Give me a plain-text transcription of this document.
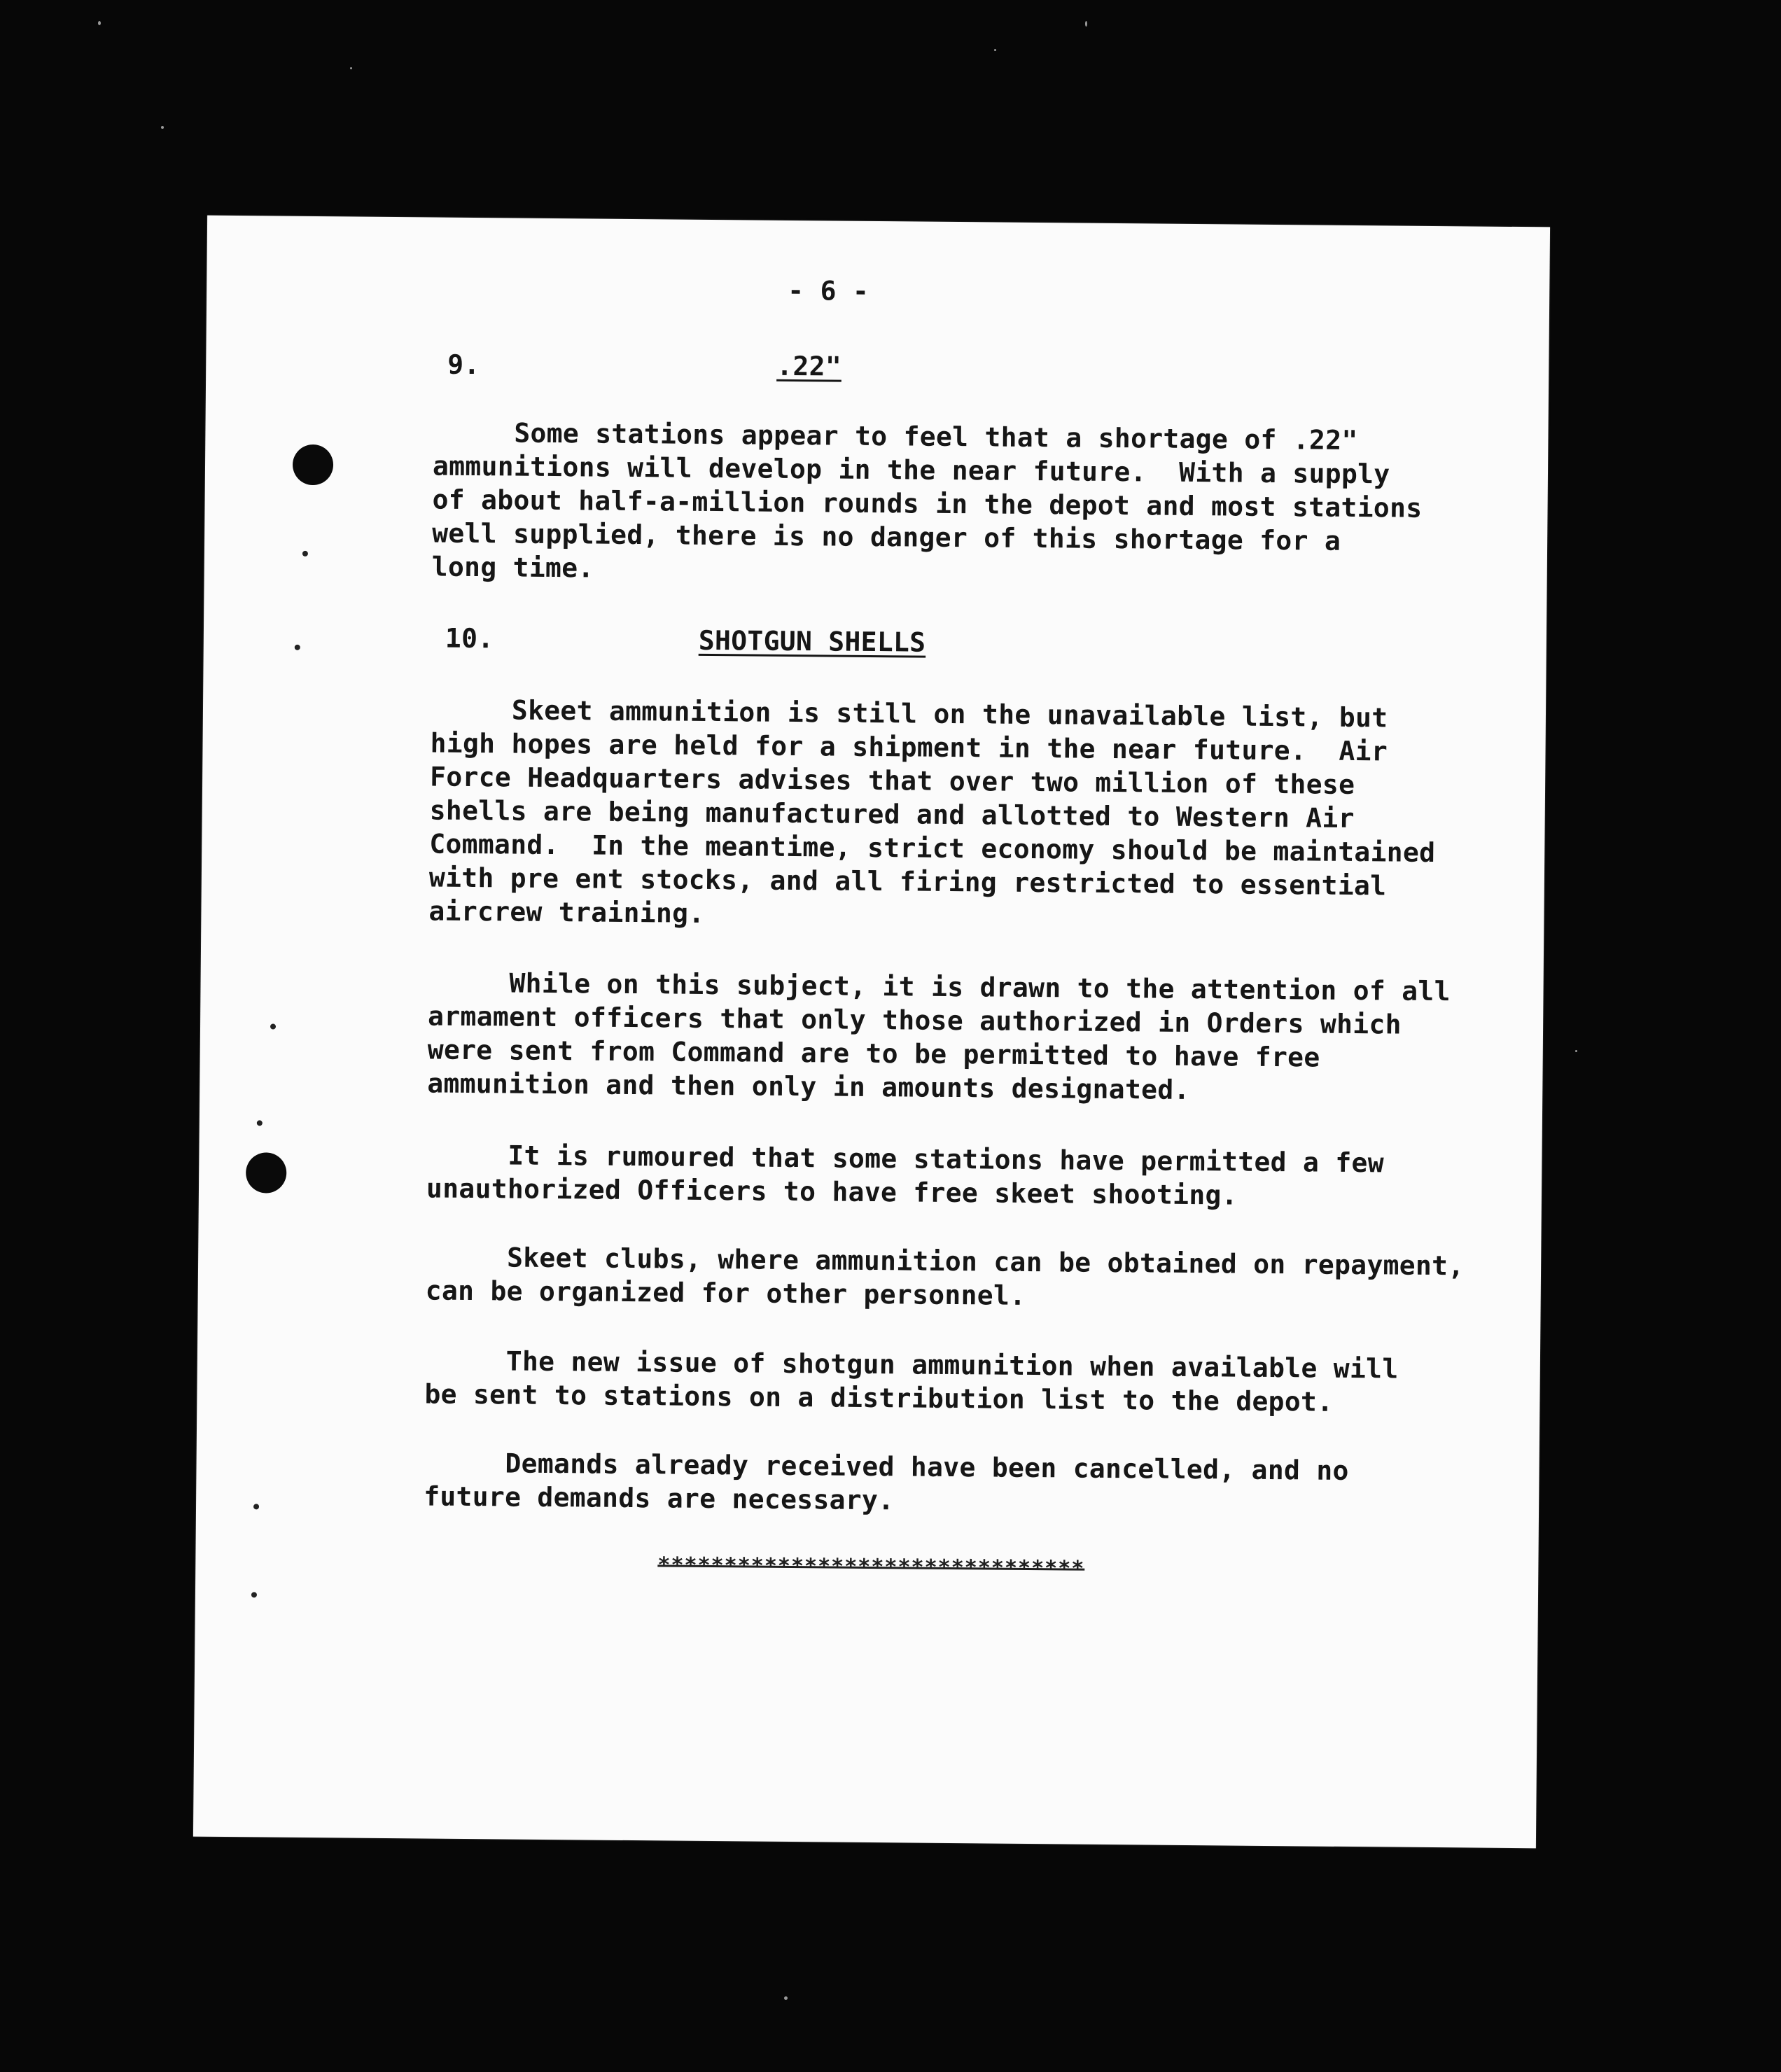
- 6 -
9.	.22"
Some stations appear to feel that a shortage of .22"
ammunitions will develop in the near future.  With a supply
of about half-a-million rounds in the depot and most stations
well supplied, there is no danger of this shortage for a
long time.
10.	SHOTGUN SHELLS
Skeet ammunition is still on the unavailable list, but
high hopes are held for a shipment in the near future.  Air
Force Headquarters advises that over two million of these
shells are being manufactured and allotted to Western Air
Command.  In the meantime, strict economy should be maintained
with pre ent stocks, and all firing restricted to essential
aircrew training.
While on this subject, it is drawn to the attention of all
armament officers that only those authorized in Orders which
were sent from Command are to be permitted to have free
ammunition and then only in amounts designated.
It is rumoured that some stations have permitted a few
unauthorized Officers to have free skeet shooting.
Skeet clubs, where ammunition can be obtained on repayment,
can be organized for other personnel.
The new issue of shotgun ammunition when available will
be sent to stations on a distribution list to the depot.
Demands already received have been cancelled, and no
future demands are necessary.
********************************
